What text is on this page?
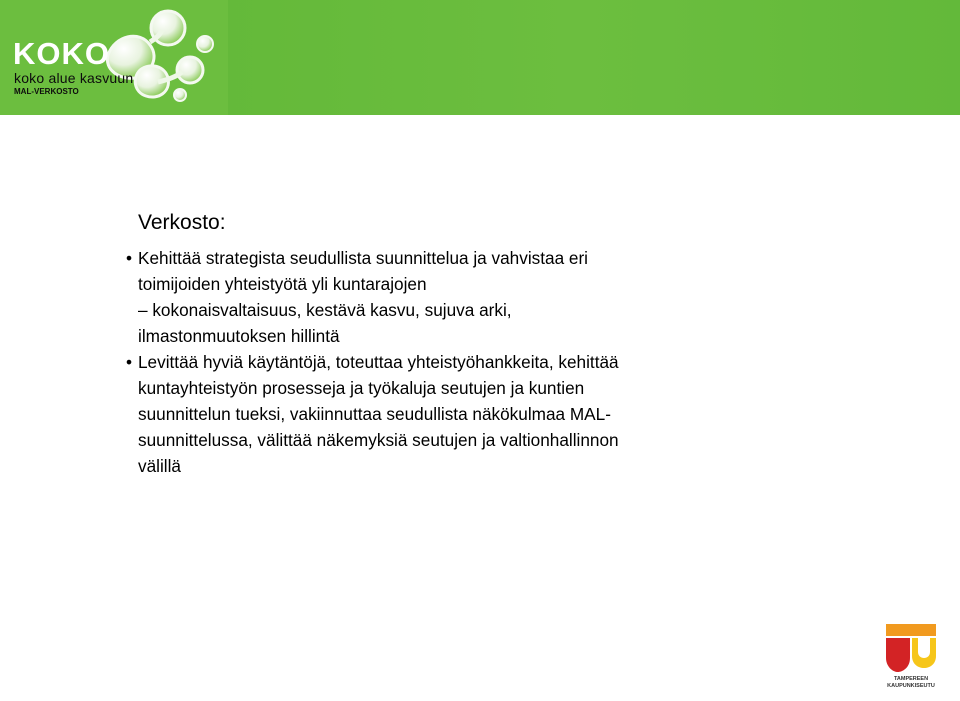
KOKO
koko alue kasvuun
MAL-VERKOSTO
Verkosto:
• Kehittää strategista seudullista suunnittelua ja vahvistaa eri
toimijoiden yhteistyötä yli kuntarajojen
– kokonaisvaltaisuus, kestävä kasvu, sujuva arki,
ilmastonmuutoksen hillintä
• Levittää hyviä käytäntöjä, toteuttaa yhteistyöhankkeita, kehittää
kuntayhteistyön prosesseja ja työkaluja seutujen ja kuntien
suunnittelun tueksi, vakiinnuttaa seudullista näkökulmaa MAL-
suunnittelussa, välittää näkemyksiä seutujen ja valtionhallinnon
välillä
TAMPEREEN
KAUPUNKISEUTU
